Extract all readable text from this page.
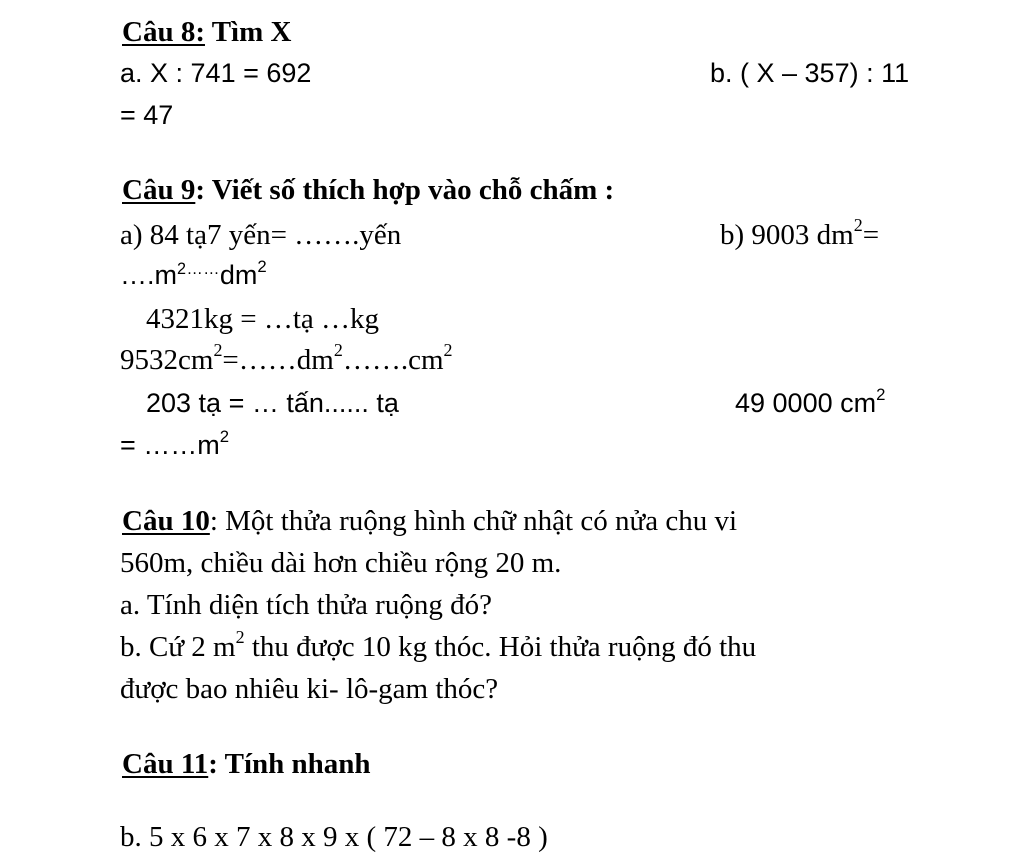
Câu 8: Tìm X
a. X : 741 = 692	b. ( X – 357) : 11
= 47
Câu 9: Viết số thích hợp vào chỗ chấm :
a) 84 tạ7 yến= …….yến	b) 9003 $dm^2=$
$\dots.m^{2\dots\dots}dm^2$
4321kg = …tạ …kg
$9532cm^2=\dots\dots dm^2\dots\dots.cm^2$
203 tạ = … tấn...... tạ	49 0000 $cm^2$
= $\dots\dots m^2$
Câu 10: Một thửa ruộng hình chữ nhật có nửa chu vi
560m, chiều dài hơn chiều rộng 20 m.
a. Tính diện tích thửa ruộng đó?
b. Cứ 2 $m^2$ thu được 10 kg thóc. Hỏi thửa ruộng đó thu
được bao nhiêu ki- lô-gam thóc?
Câu 11: Tính nhanh
b. 5 x 6 x 7 x 8 x 9 x ( 72 – 8 x 8 -8 )
